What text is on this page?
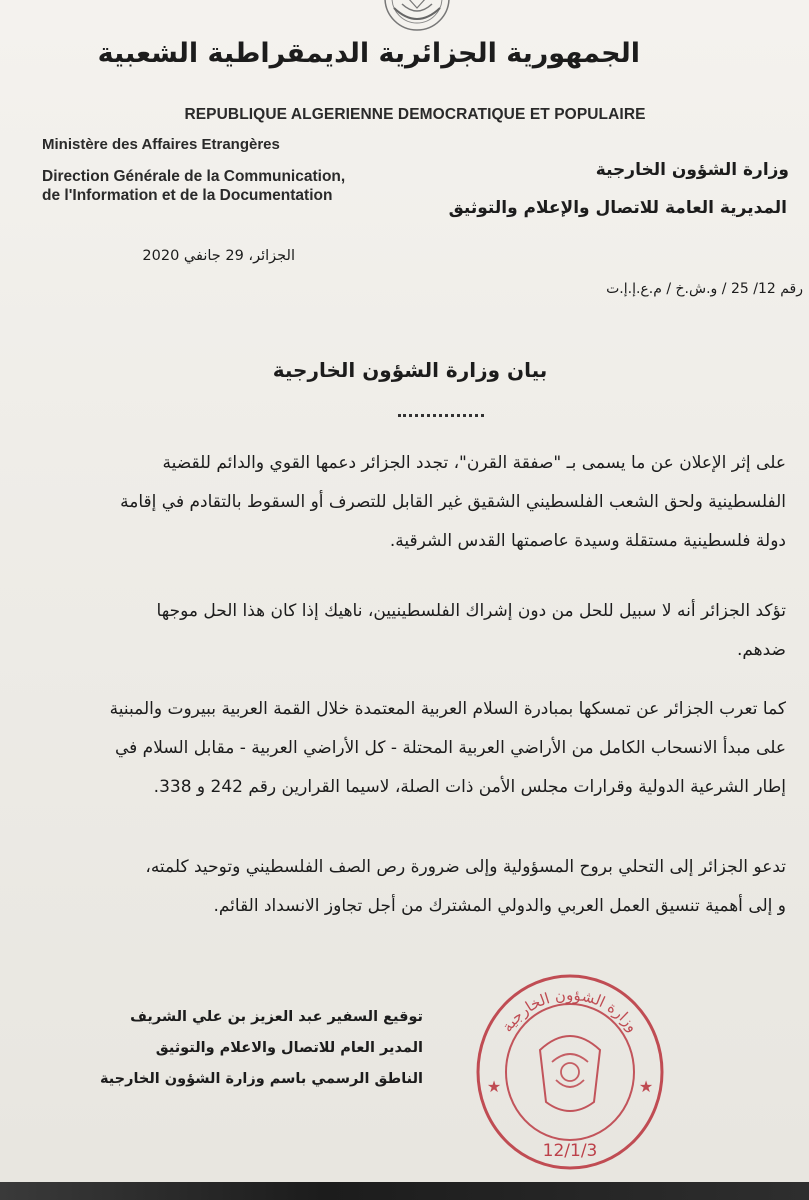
الجمهورية الجزائرية الديمقراطية الشعبية
REPUBLIQUE ALGERIENNE DEMOCRATIQUE ET POPULAIRE
Ministère des Affaires Etrangères
Direction Générale de la Communication,
de l'Information et de la Documentation
وزارة الشؤون الخارجية
المديرية العامة للاتصال والإعلام والتوثيق
الجزائر، 29 جانفي 2020
رقم 12/ 25 / و.ش.خ / م.ع.إ.إ.ت
بيان وزارة الشؤون الخارجية
على إثر الإعلان عن ما يسمى بـ "صفقة القرن"، تجدد الجزائر دعمها القوي والدائم للقضية
الفلسطينية ولحق الشعب الفلسطيني الشقيق غير القابل للتصرف أو السقوط بالتقادم في إقامة
دولة فلسطينية مستقلة وسيدة عاصمتها القدس الشرقية.
تؤكد الجزائر أنه لا سبيل للحل من دون إشراك الفلسطينيين، ناهيك إذا كان هذا الحل موجها
ضدهم.
كما تعرب الجزائر عن تمسكها بمبادرة السلام العربية المعتمدة خلال القمة العربية ببيروت والمبنية
على مبدأ الانسحاب الكامل من الأراضي العربية المحتلة - كل الأراضي العربية - مقابل السلام في
إطار الشرعية الدولية وقرارات مجلس الأمن ذات الصلة، لاسيما القرارين رقم 242 و 338.
تدعو الجزائر إلى التحلي بروح المسؤولية وإلى ضرورة رص الصف الفلسطيني وتوحيد كلمته،
و إلى أهمية تنسيق العمل العربي والدولي المشترك من أجل تجاوز الانسداد القائم.
توقيع السفير عبد العزيز بن علي الشريف
المدير العام للاتصال والاعلام والتوثيق
الناطق الرسمي باسم وزارة الشؤون الخارجية
وزارة الشؤون الخارجية
★	★
12/1/3
